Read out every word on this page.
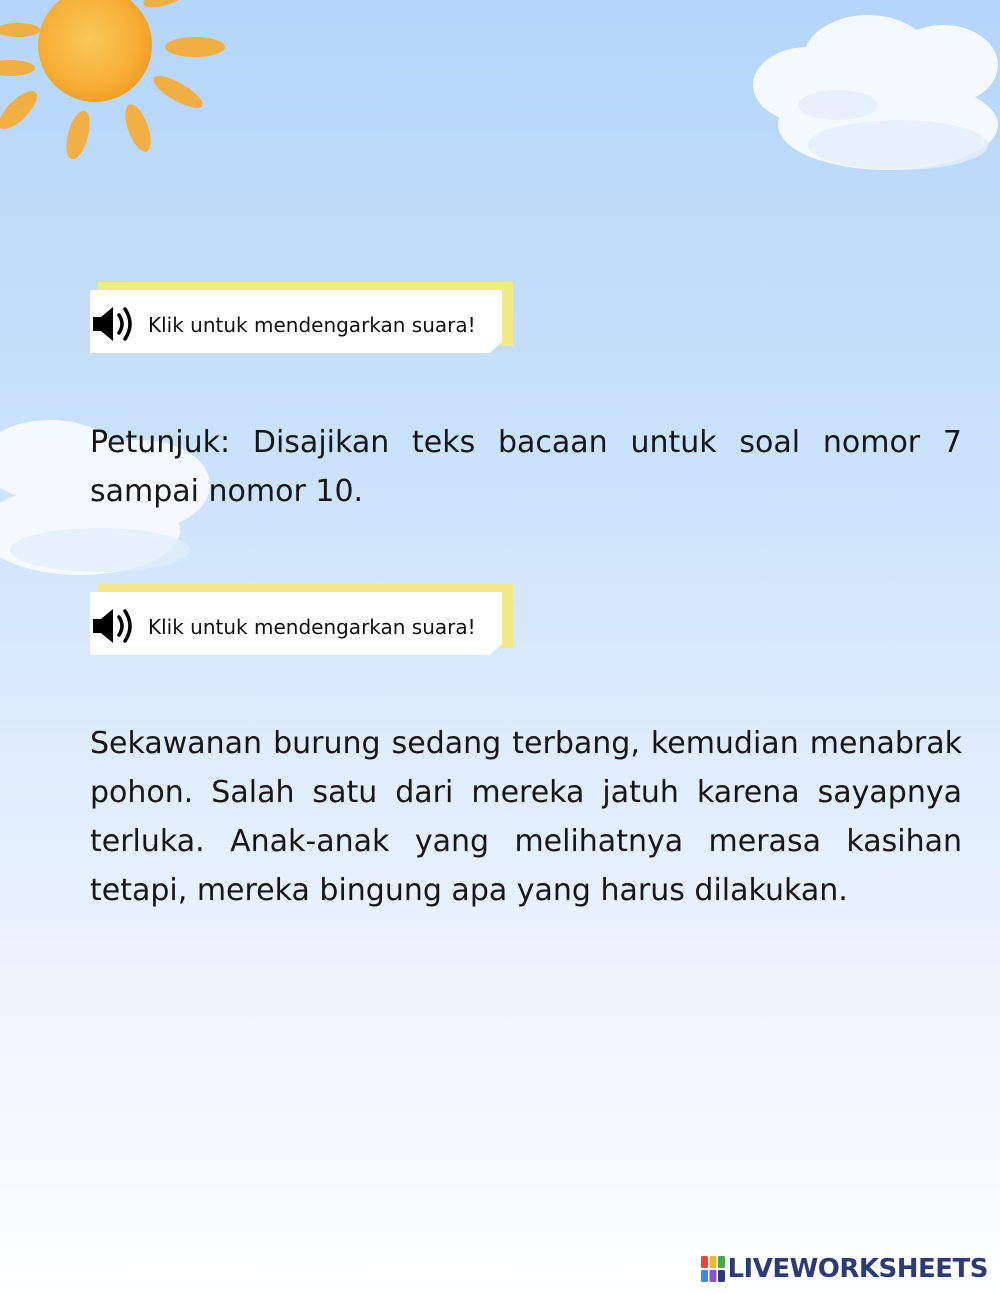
Klik untuk mendengarkan suara!

Petunjuk: Disajikan teks bacaan untuk soal nomor 7 sampai nomor 10.

Klik untuk mendengarkan suara!

Sekawanan burung sedang terbang, kemudian menabrak pohon. Salah satu dari mereka jatuh karena sayapnya terluka. Anak-anak yang melihatnya merasa kasihan tetapi, mereka bingung apa yang harus dilakukan.

LIVEWORKSHEETS
